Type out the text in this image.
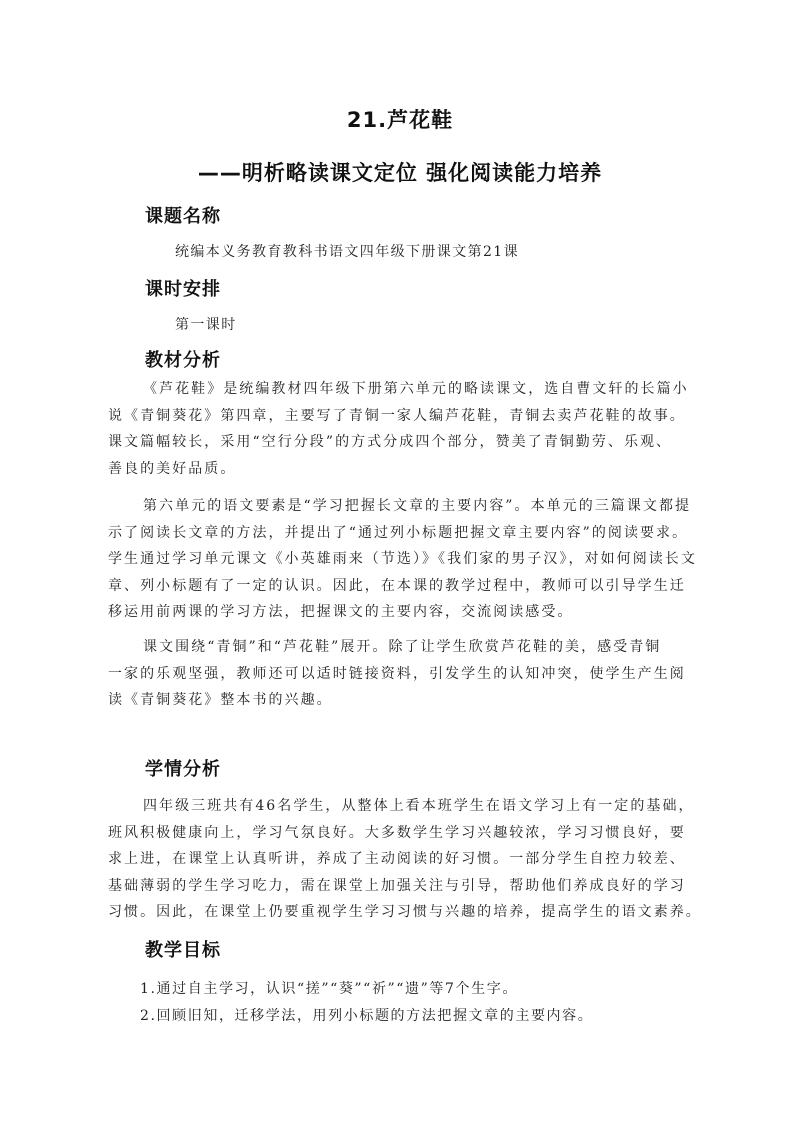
21.芦花鞋
——明析略读课文定位 强化阅读能力培养
课题名称
统编本义务教育教科书语文四年级下册课文第21课
课时安排
第一课时
教材分析
《芦花鞋》是统编教材四年级下册第六单元的略读课文，选自曹文轩的长篇小
说《青铜葵花》第四章，主要写了青铜一家人编芦花鞋，青铜去卖芦花鞋的故事。
课文篇幅较长，采用“空行分段”的方式分成四个部分，赞美了青铜勤劳、乐观、
善良的美好品质。
第六单元的语文要素是“学习把握长文章的主要内容”。本单元的三篇课文都提
示了阅读长文章的方法，并提出了“通过列小标题把握文章主要内容”的阅读要求。
学生通过学习单元课文《小英雄雨来（节选）》《我们家的男子汉》，对如何阅读长文
章、列小标题有了一定的认识。因此，在本课的教学过程中，教师可以引导学生迁
移运用前两课的学习方法，把握课文的主要内容，交流阅读感受。
课文围绕“青铜”和“芦花鞋”展开。除了让学生欣赏芦花鞋的美，感受青铜
一家的乐观坚强，教师还可以适时链接资料，引发学生的认知冲突，使学生产生阅
读《青铜葵花》整本书的兴趣。
学情分析
四年级三班共有46名学生，从整体上看本班学生在语文学习上有一定的基础，
班风积极健康向上，学习气氛良好。大多数学生学习兴趣较浓，学习习惯良好，要
求上进，在课堂上认真听讲，养成了主动阅读的好习惯。一部分学生自控力较差、
基础薄弱的学生学习吃力，需在课堂上加强关注与引导，帮助他们养成良好的学习
习惯。因此，在课堂上仍要重视学生学习习惯与兴趣的培养，提高学生的语文素养。
教学目标
1.通过自主学习，认识“搓”“葵”“祈”“遗”等7个生字。
2.回顾旧知，迁移学法，用列小标题的方法把握文章的主要内容。
